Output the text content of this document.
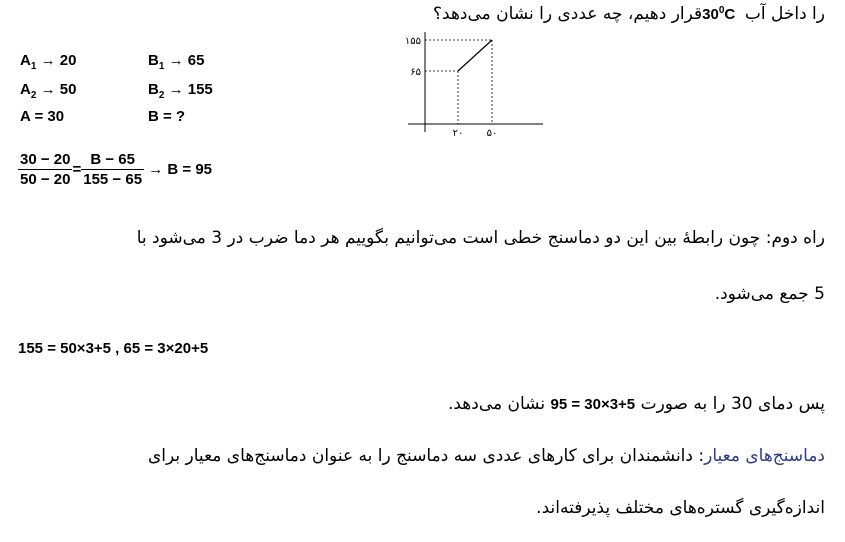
را داخل آب $30^0C$ قرار دهیم، چه عددی را نشان می‌دهد؟
$A_1 \to 20$
$A_2 \to 50$
A = 30
$B_1 \to 65$
$B_2 \to 155$
B = ?
$\frac{30 - 20}{50 - 20} = \frac{B - 65}{155 - 65} \to B = 95$
۱۵۵
۶۵
۲۰ ۵۰
راه دوم: چون رابطهٔ بین این دو دماسنج خطی است می‌توانیم بگوییم هر دما ضرب در 3 می‌شود با
5 جمع می‌شود.
155 = 50×3+5 , 65 = 3×20+5
پس دمای 30 را به صورت 95 = 30×3+5 نشان می‌دهد.
دماسنج‌های معیار: دانشمندان برای کارهای عددی سه دماسنج را به عنوان دماسنج‌های معیار برای
اندازه‌گیری گستره‌های مختلف پذیرفته‌اند.
